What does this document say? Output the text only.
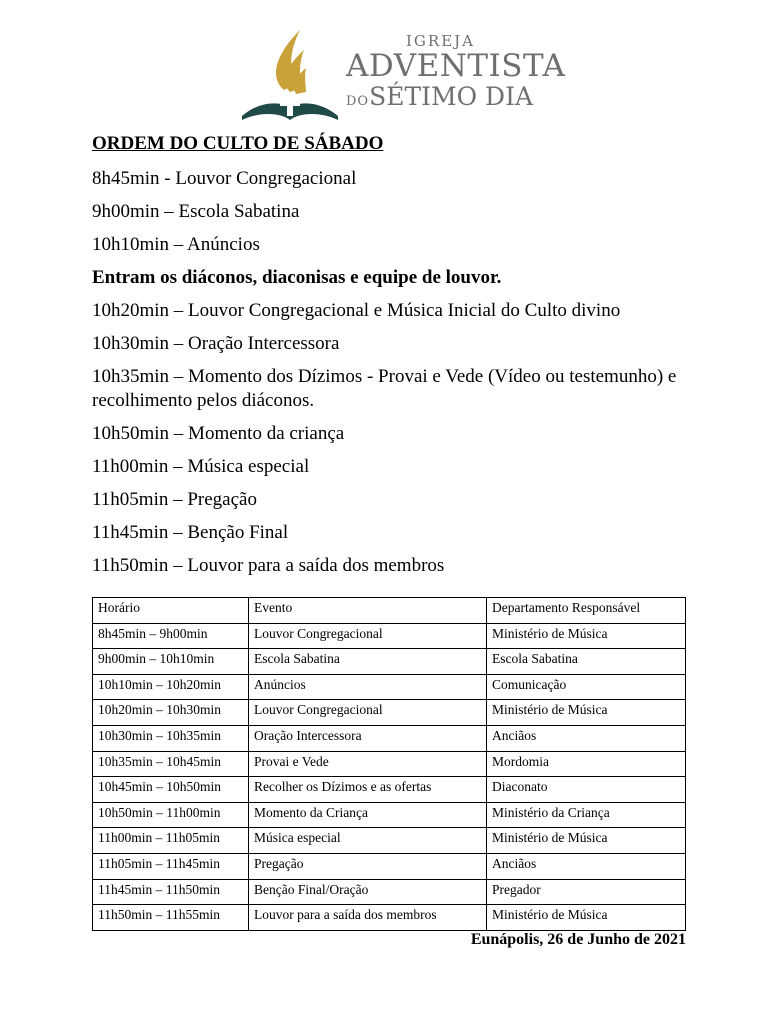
IGREJA
ADVENTISTA
DOSÉTIMO DIA
ORDEM DO CULTO DE SÁBADO
8h45min - Louvor Congregacional
9h00min – Escola Sabatina
10h10min – Anúncios
Entram os diáconos, diaconisas e equipe de louvor.
10h20min – Louvor Congregacional e Música Inicial do Culto divino
10h30min – Oração Intercessora
10h35min – Momento dos Dízimos - Provai e Vede (Vídeo ou testemunho) e recolhimento pelos diáconos.
10h50min – Momento da criança
11h00min – Música especial
11h05min – Pregação
11h45min – Benção Final
11h50min – Louvor para a saída dos membros
Horário	Evento	Departamento Responsável
8h45min – 9h00min	Louvor Congregacional	Ministério de Música
9h00min – 10h10min	Escola Sabatina	Escola Sabatina
10h10min – 10h20min	Anúncios	Comunicação
10h20min – 10h30min	Louvor Congregacional	Ministério de Música
10h30min – 10h35min	Oração Intercessora	Anciãos
10h35min – 10h45min	Provai e Vede	Mordomia
10h45min – 10h50min	Recolher os Dízimos e as ofertas	Diaconato
10h50min – 11h00min	Momento da Criança	Ministério da Criança
11h00min – 11h05min	Música especial	Ministério de Música
11h05min – 11h45min	Pregação	Anciãos
11h45min – 11h50min	Benção Final/Oração	Pregador
11h50min – 11h55min	Louvor para a saída dos membros	Ministério de Música
Eunápolis, 26 de Junho de 2021
